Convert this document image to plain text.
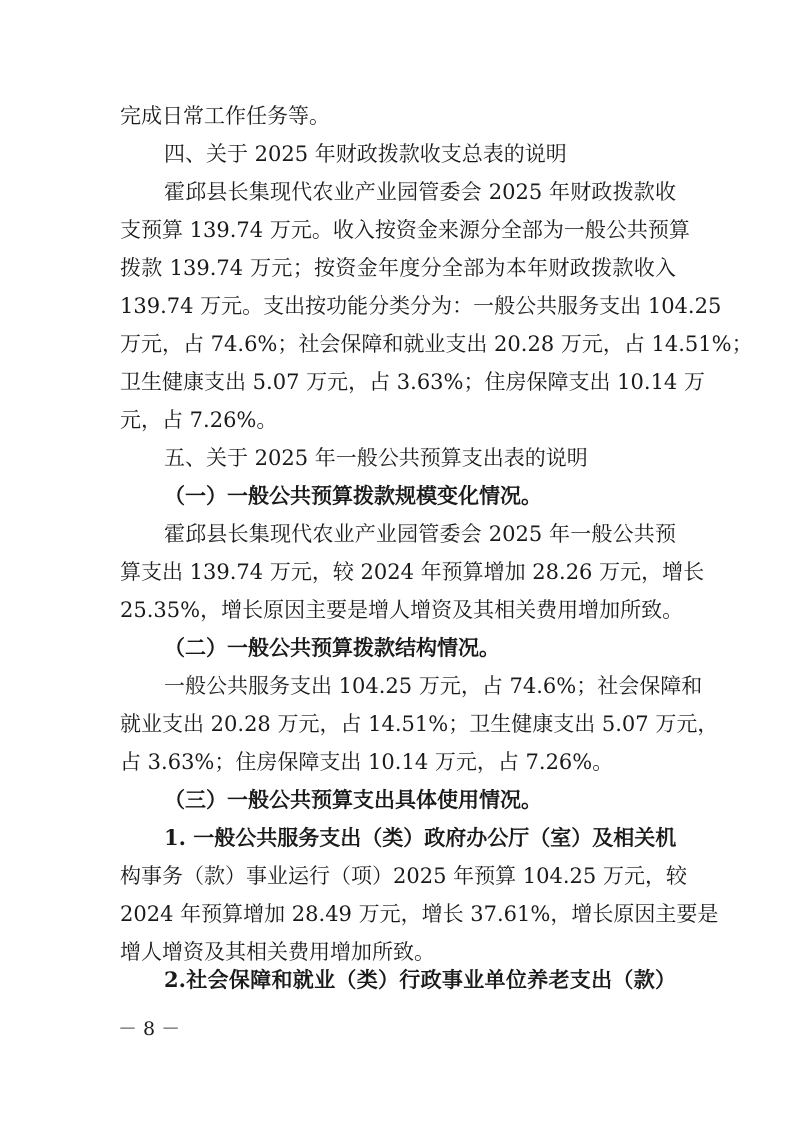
完成日常工作任务等。
四、关于 2025 年财政拨款收支总表的说明
霍邱县长集现代农业产业园管委会 2025 年财政拨款收
支预算 139.74 万元。收入按资金来源分全部为一般公共预算
拨款 139.74 万元；按资金年度分全部为本年财政拨款收入
139.74 万元。支出按功能分类分为：一般公共服务支出 104.25
万元，占 74.6%；社会保障和就业支出 20.28 万元，占 14.51%；
卫生健康支出 5.07 万元，占 3.63%；住房保障支出 10.14 万
元，占 7.26%。
五、关于 2025 年一般公共预算支出表的说明
（一）一般公共预算拨款规模变化情况。
霍邱县长集现代农业产业园管委会 2025 年一般公共预
算支出 139.74 万元，较 2024 年预算增加 28.26 万元，增长
25.35%，增长原因主要是增人增资及其相关费用增加所致。
（二）一般公共预算拨款结构情况。
一般公共服务支出 104.25 万元，占 74.6%；社会保障和
就业支出 20.28 万元，占 14.51%；卫生健康支出 5.07 万元，
占 3.63%；住房保障支出 10.14 万元，占 7.26%。
（三）一般公共预算支出具体使用情况。
1. 一般公共服务支出（类）政府办公厅（室）及相关机
构事务（款）事业运行（项）2025 年预算 104.25 万元，较
2024 年预算增加 28.49 万元，增长 37.61%，增长原因主要是
增人增资及其相关费用增加所致。
2.社会保障和就业（类）行政事业单位养老支出（款）
－ 8 －
